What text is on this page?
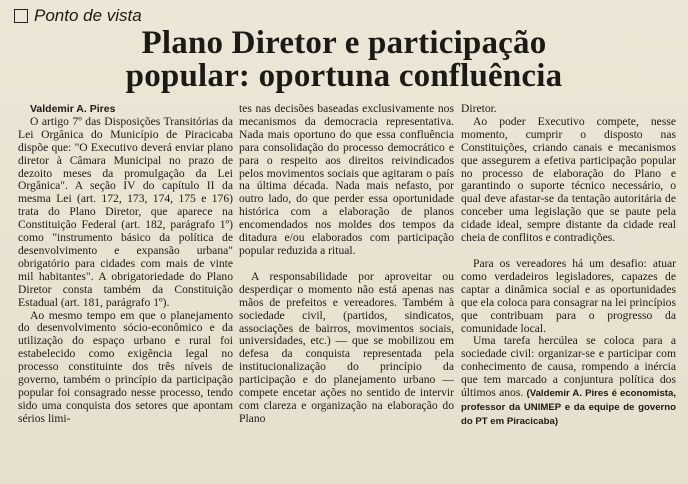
Ponto de vista
Plano Diretor e participação
popular: oportuna confluência

Valdemir A. Pires

O artigo 7º das Disposições Transitórias da Lei Orgânica do Município de Piracicaba dispõe que: "O Executivo deverá enviar plano diretor à Câmara Municipal no prazo de dezoito meses da promulgação da Lei Orgânica". A seção IV do capítulo II da mesma Lei (art. 172, 173, 174, 175 e 176) trata do Plano Diretor, que aparece na Constituição Federal (art. 182, parágrafo 1º) como "instrumento básico da política de desenvolvimento e expansão urbana" obrigatório para cidades com mais de vinte mil habitantes". A obrigatoriedade do Plano Diretor consta também da Constituição Estadual (art. 181, parágrafo 1º).

Ao mesmo tempo em que o planejamento do desenvolvimento sócio-econômico e da utilização do espaço urbano e rural foi estabelecido como exigência legal no processo constituinte dos três níveis de governo, também o princípio da participação popular foi consagrado nesse processo, tendo sido uma conquista dos setores que apontam sérios limi-

tes nas decisões baseadas exclusivamente nos mecanismos da democracia representativa. Nada mais oportuno do que essa confluência para consolidação do processo democrático e para o respeito aos direitos reivindicados pelos movimentos sociais que agitaram o país na última década. Nada mais nefasto, por outro lado, do que perder essa oportunidade histórica com a elaboração de planos encomendados nos moldes dos tempos da ditadura e/ou elaborados com participação popular reduzida a ritual.

A responsabilidade por aproveitar ou desperdiçar o momento não está apenas nas mãos de prefeitos e vereadores. Também à sociedade civil, (partidos, sindicatos, associações de bairros, movimentos sociais, universidades, etc.) — que se mobilizou em defesa da conquista representada pela institucionalização do princípio da participação e do planejamento urbano — compete encetar ações no sentido de intervir com clareza e organização na elaboração do Plano

Diretor.

Ao poder Executivo compete, nesse momento, cumprir o disposto nas Constituições, criando canais e mecanismos que assegurem a efetiva participação popular no processo de elaboração do Plano e garantindo o suporte técnico necessário, o qual deve afastar-se da tentação autoritária de conceber uma legislação que se paute pela cidade ideal, sempre distante da cidade real cheia de conflitos e contradições.

Para os vereadores há um desafio: atuar como verdadeiros legisladores, capazes de captar a dinâmica social e as oportunidades que ela coloca para consagrar na lei princípios que contribuam para o progresso da comunidade local.

Uma tarefa hercúlea se coloca para a sociedade civil: organizar-se e participar com conhecimento de causa, rompendo a inércia que tem marcado a conjuntura política dos últimos anos. (Valdemir A. Pires é economista, professor da UNIMEP e da equipe de governo do PT em Piracicaba)
